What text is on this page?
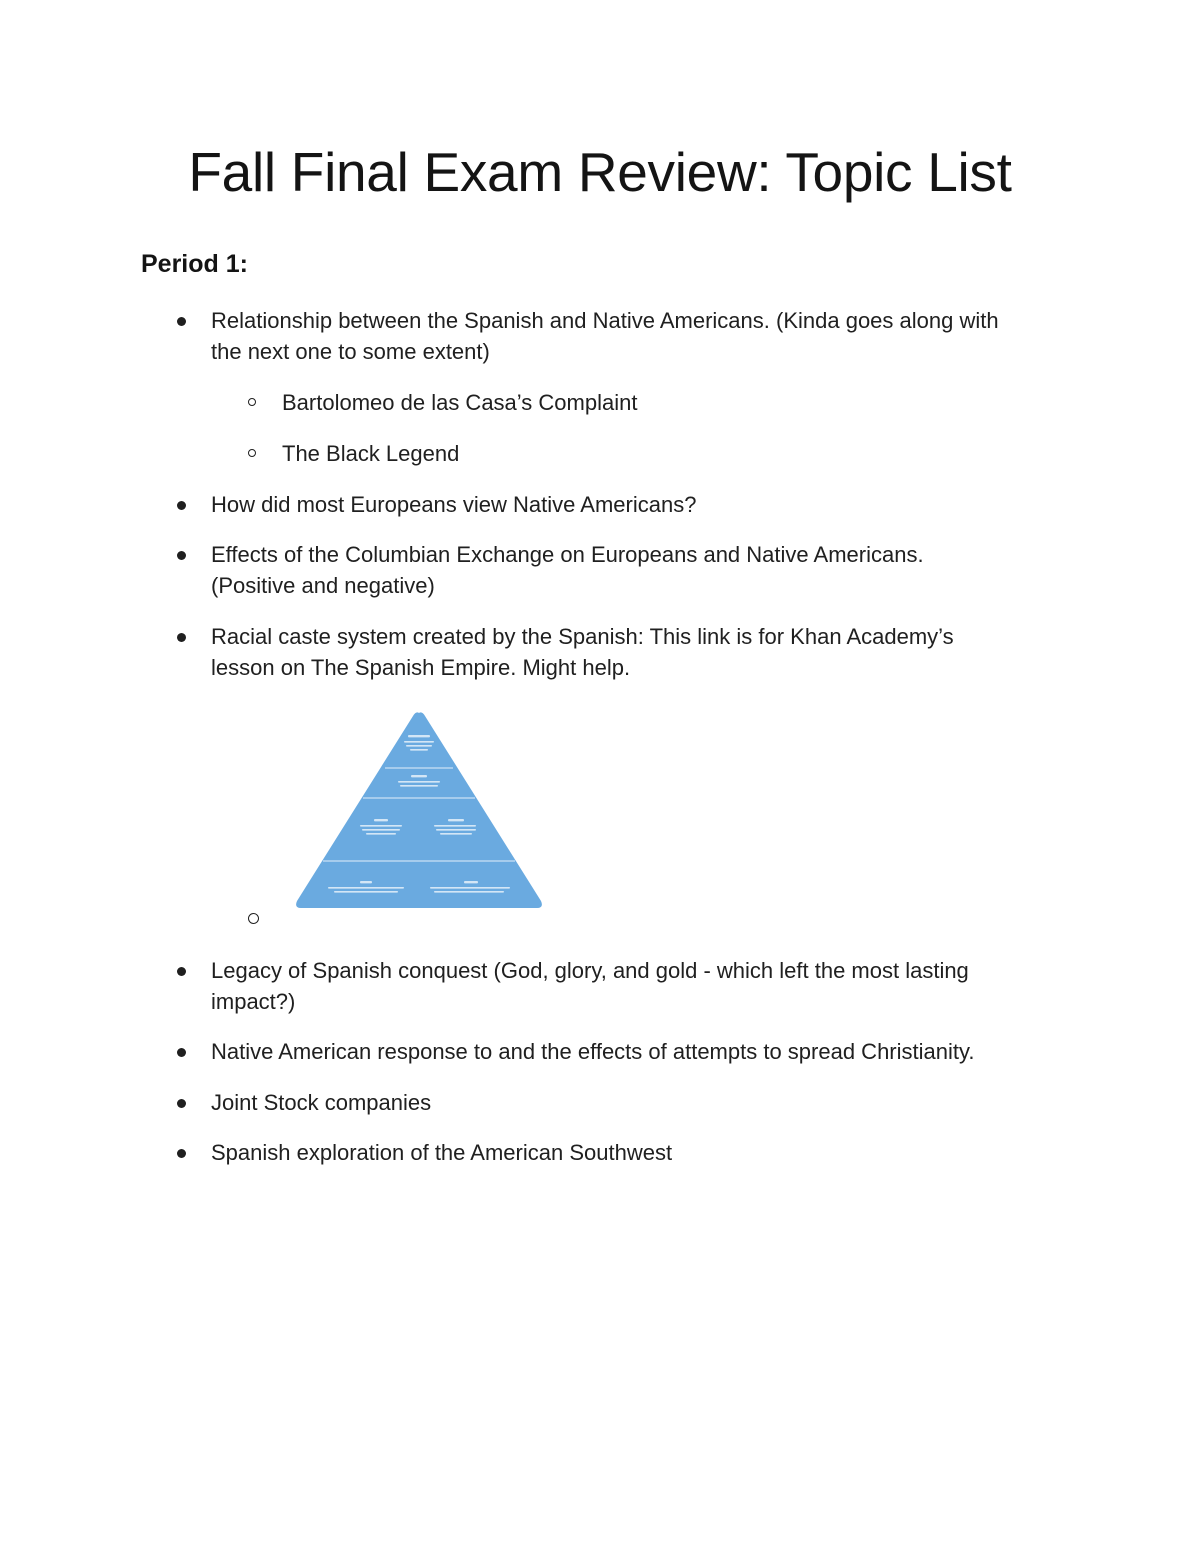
Fall Final Exam Review: Topic List
Period 1:
Relationship between the Spanish and Native Americans. (Kinda goes along with
the next one to some extent)
Bartolomeo de las Casa’s Complaint
The Black Legend
How did most Europeans view Native Americans?
Effects of the Columbian Exchange on Europeans and Native Americans.
(Positive and negative)
Racial caste system created by the Spanish: This link is for Khan Academy’s
lesson on The Spanish Empire. Might help.
Legacy of Spanish conquest (God, glory, and gold - which left the most lasting
impact?)
Native American response to and the effects of attempts to spread Christianity.
Joint Stock companies
Spanish exploration of the American Southwest
